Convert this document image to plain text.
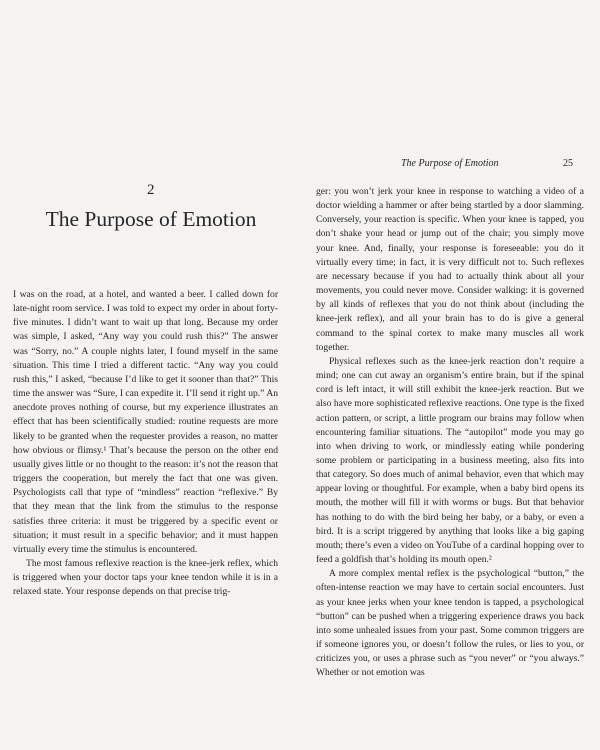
2
The Purpose of Emotion

I was on the road, at a hotel, and wanted a beer. I called down for late-night room service. I was told to expect my order in about forty-five minutes. I didn’t want to wait up that long. Because my order was simple, I asked, “Any way you could rush this?” The answer was “Sorry, no.” A couple nights later, I found myself in the same situation. This time I tried a different tactic. “Any way you could rush this,” I asked, “because I’d like to get it sooner than that?” This time the answer was “Sure, I can expedite it. I’ll send it right up.” An anecdote proves nothing of course, but my experience illustrates an effect that has been scientifically studied: routine requests are more likely to be granted when the requester provides a reason, no matter how obvious or flimsy.¹ That’s because the person on the other end usually gives little or no thought to the reason: it’s not the reason that triggers the cooperation, but merely the fact that one was given. Psychologists call that type of “mindless” reaction “reflexive.” By that they mean that the link from the stimulus to the response satisfies three criteria: it must be triggered by a specific event or situation; it must result in a specific behavior; and it must happen virtually every time the stimulus is encountered.

The most famous reflexive reaction is the knee-jerk reflex, which is triggered when your doctor taps your knee tendon while it is in a relaxed state. Your response depends on that precise trig-

The Purpose of Emotion	25

ger: you won’t jerk your knee in response to watching a video of a doctor wielding a hammer or after being startled by a door slamming. Conversely, your reaction is specific. When your knee is tapped, you don’t shake your head or jump out of the chair; you simply move your knee. And, finally, your response is foreseeable: you do it virtually every time; in fact, it is very difficult not to. Such reflexes are necessary because if you had to actually think about all your movements, you could never move. Consider walking: it is governed by all kinds of reflexes that you do not think about (including the knee-jerk reflex), and all your brain has to do is give a general command to the spinal cortex to make many muscles all work together.

Physical reflexes such as the knee-jerk reaction don’t require a mind; one can cut away an organism’s entire brain, but if the spinal cord is left intact, it will still exhibit the knee-jerk reaction. But we also have more sophisticated reflexive reactions. One type is the fixed action pattern, or script, a little program our brains may follow when encountering familiar situations. The “autopilot” mode you may go into when driving to work, or mindlessly eating while pondering some problem or participating in a business meeting, also fits into that category. So does much of animal behavior, even that which may appear loving or thoughtful. For example, when a baby bird opens its mouth, the mother will fill it with worms or bugs. But that behavior has nothing to do with the bird being her baby, or a baby, or even a bird. It is a script triggered by anything that looks like a big gaping mouth; there’s even a video on YouTube of a cardinal hopping over to feed a goldfish that’s holding its mouth open.²

A more complex mental reflex is the psychological “button,” the often-intense reaction we may have to certain social encounters. Just as your knee jerks when your knee tendon is tapped, a psychological “button” can be pushed when a triggering experience draws you back into some unhealed issues from your past. Some common triggers are if someone ignores you, or doesn’t follow the rules, or lies to you, or criticizes you, or uses a phrase such as “you never” or “you always.” Whether or not emotion was
